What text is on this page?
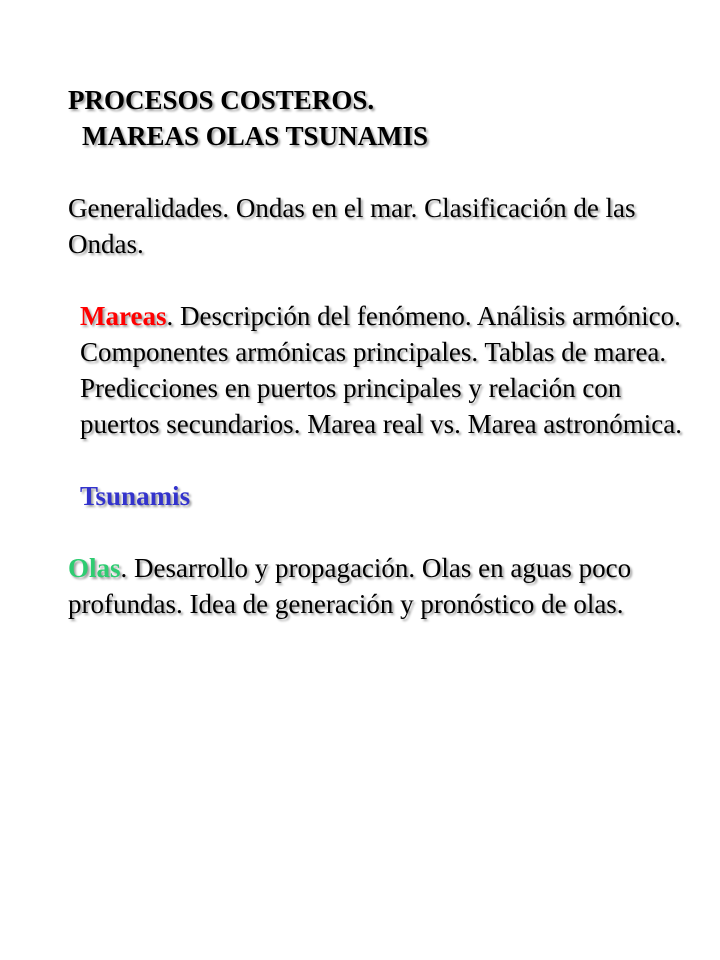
PROCESOS COSTEROS.

MAREAS OLAS TSUNAMIS

Generalidades. Ondas en el mar. Clasificación de las Ondas.

Mareas. Descripción del fenómeno. Análisis armónico. Componentes armónicas principales. Tablas de marea. Predicciones en puertos principales y relación con puertos secundarios. Marea real vs. Marea astronómica.

Tsunamis

Olas. Desarrollo y propagación. Olas en aguas poco profundas. Idea de generación y pronóstico de olas.
